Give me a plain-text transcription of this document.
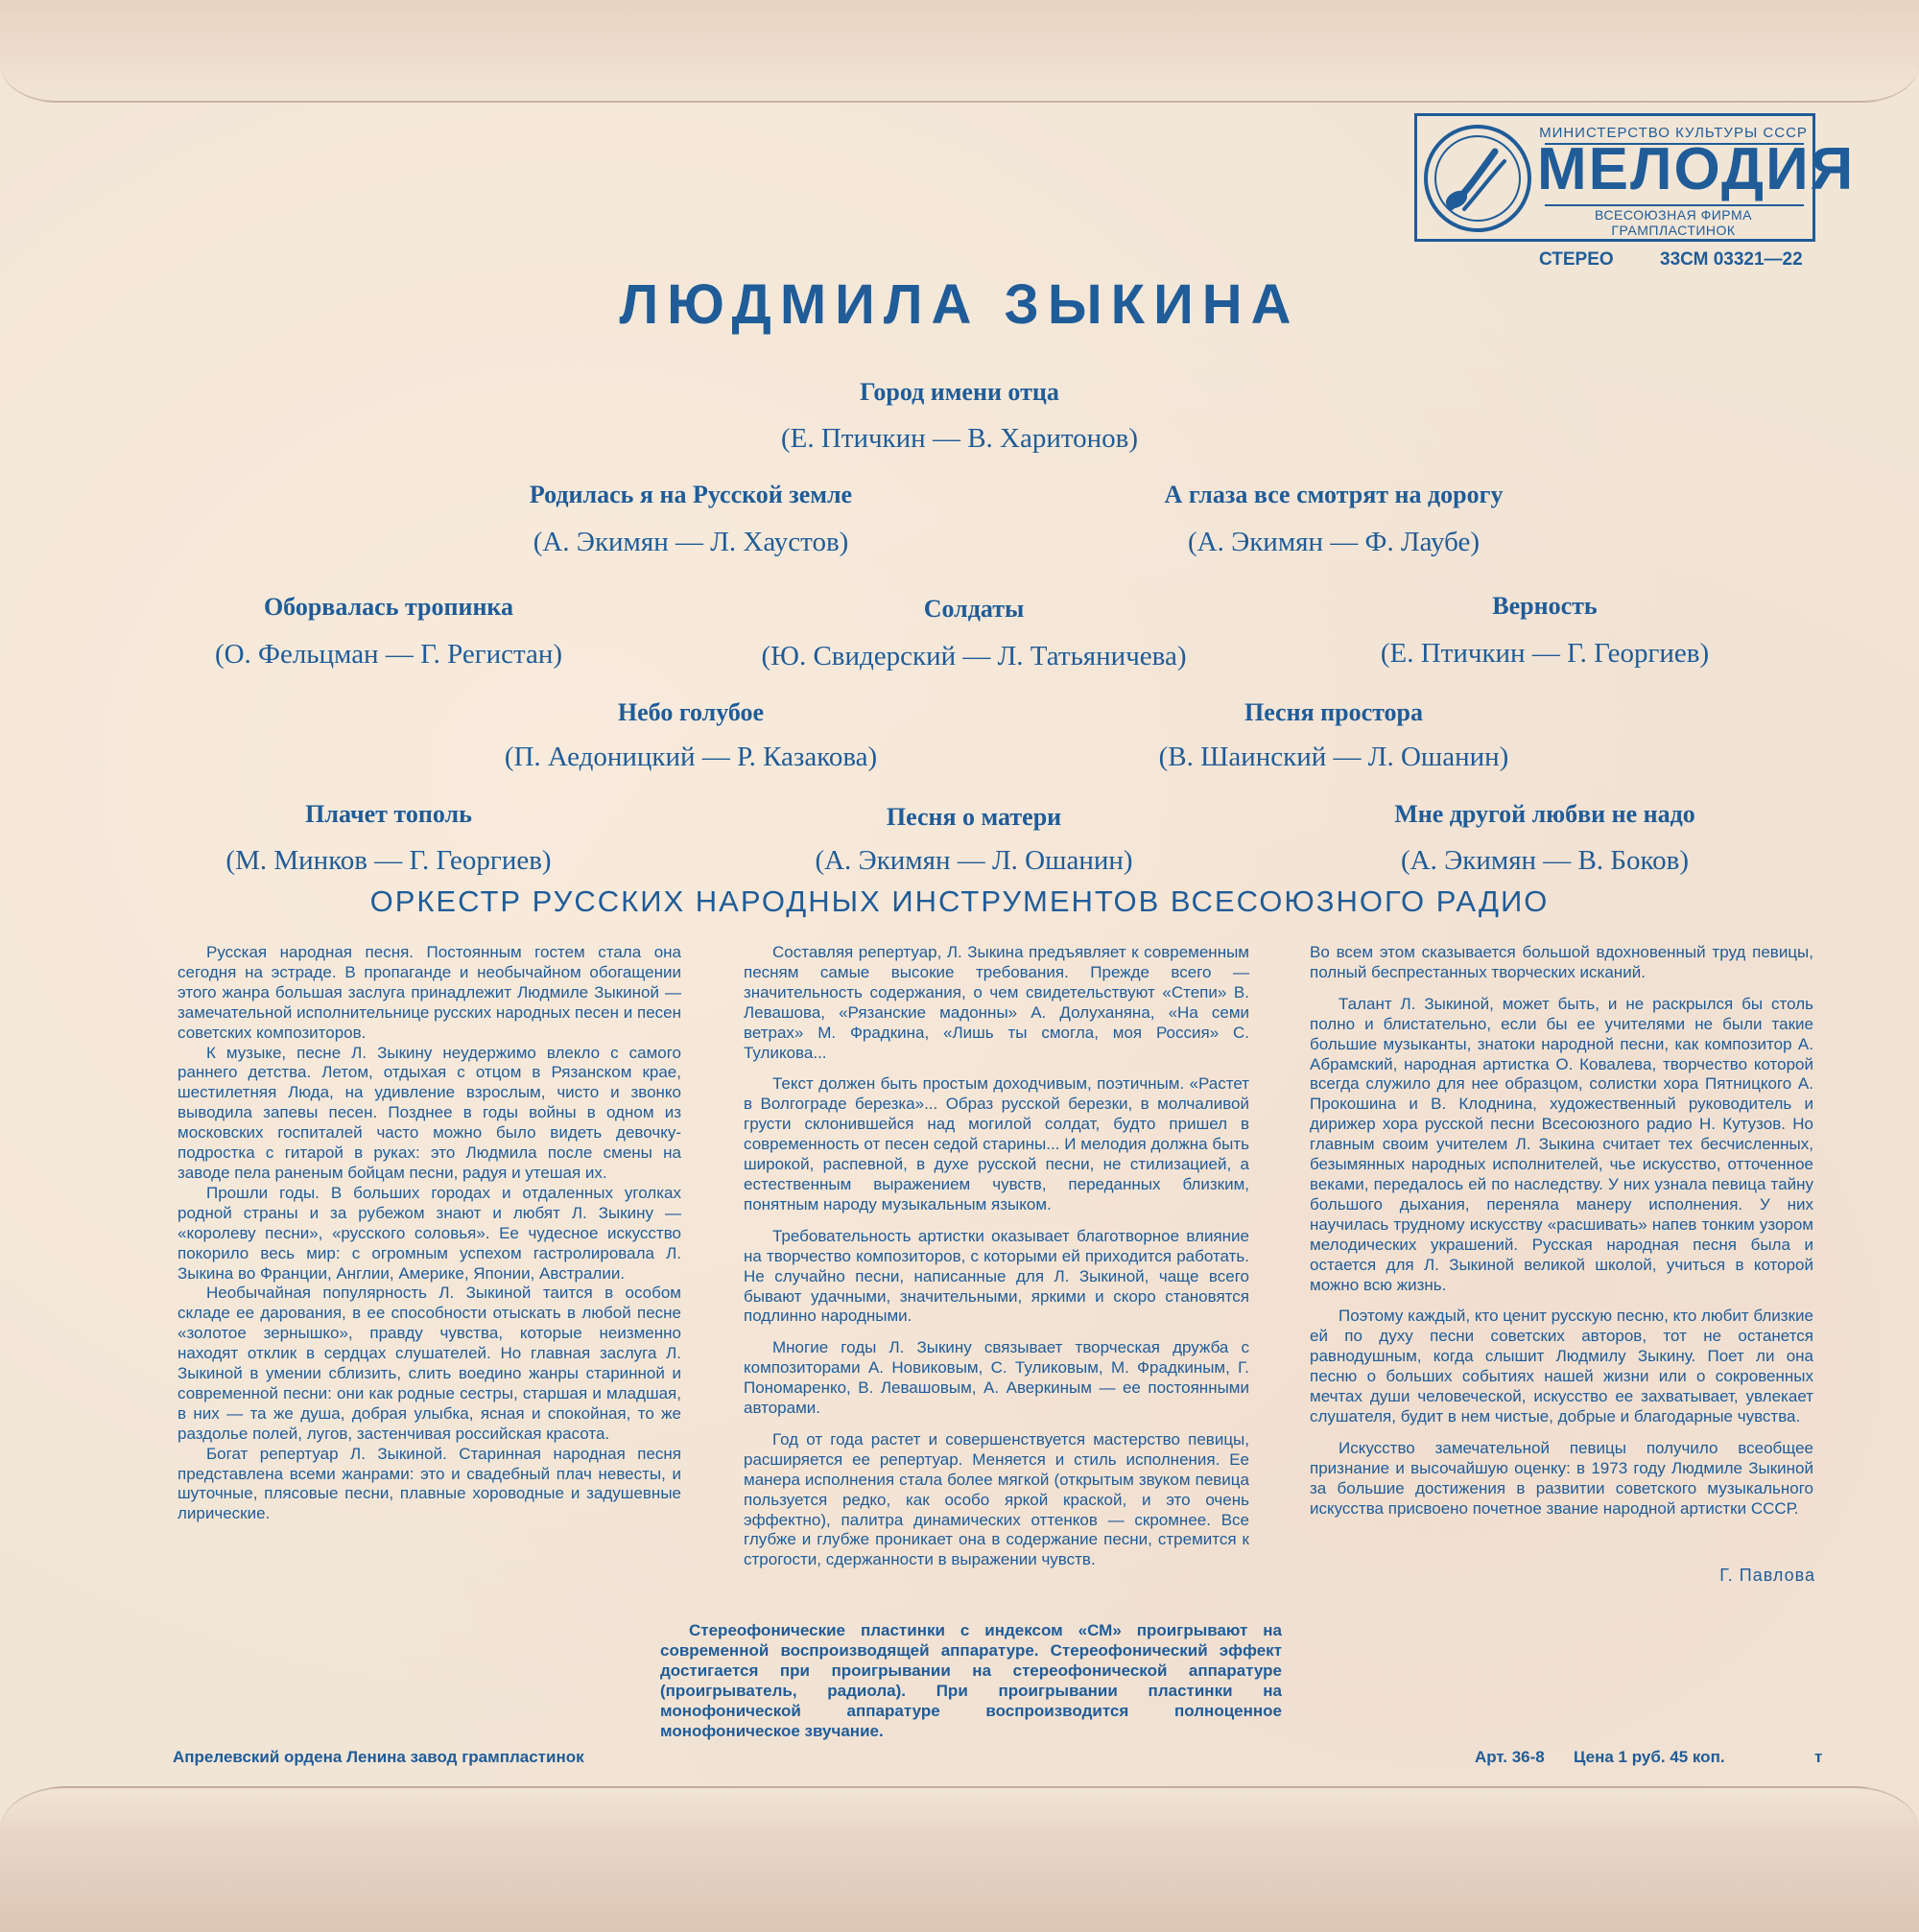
МИНИСТЕРСТВО КУЛЬТУРЫ СССР
МЕЛОДИЯ
ВСЕСОЮЗНАЯ ФИРМА ГРАМПЛАСТИНОК
СТЕРЕО	33СМ 03321—22
ЛЮДМИЛА ЗЫКИНА
Город имени отца
(Е. Птичкин — В. Харитонов)
Родилась я на Русской земле
(А. Экимян — Л. Хаустов)
А глаза все смотрят на дорогу
(А. Экимян — Ф. Лаубе)
Оборвалась тропинка
(О. Фельцман — Г. Регистан)
Солдаты
(Ю. Свидерский — Л. Татьяничева)
Верность
(Е. Птичкин — Г. Георгиев)
Небо голубое
(П. Аедоницкий — Р. Казакова)
Песня простора
(В. Шаинский — Л. Ошанин)
Плачет тополь
(М. Минков — Г. Георгиев)
Песня о матери
(А. Экимян — Л. Ошанин)
Мне другой любви не надо
(А. Экимян — В. Боков)
ОРКЕСТР РУССКИХ НАРОДНЫХ ИНСТРУМЕНТОВ ВСЕСОЮЗНОГО РАДИО

Русская народная песня. Постоянным гостем стала она сегодня на эстраде. В пропаганде и необычайном обогащении этого жанра большая заслуга принадлежит Людмиле Зыкиной — замечательной исполнительнице русских народных песен и песен советских композиторов.

К музыке, песне Л. Зыкину неудержимо влекло с самого раннего детства. Летом, отдыхая с отцом в Рязанском крае, шестилетняя Люда, на удивление взрослым, чисто и звонко выводила запевы песен. Позднее в годы войны в одном из московских госпиталей часто можно было видеть девочку-подростка с гитарой в руках: это Людмила после смены на заводе пела раненым бойцам песни, радуя и утешая их.

Прошли годы. В больших городах и отдаленных уголках родной страны и за рубежом знают и любят Л. Зыкину — «королеву песни», «русского соловья». Ее чудесное искусство покорило весь мир: с огромным успехом гастролировала Л. Зыкина во Франции, Англии, Америке, Японии, Австралии.

Необычайная популярность Л. Зыкиной таится в особом складе ее дарования, в ее способности отыскать в любой песне «золотое зернышко», правду чувства, которые неизменно находят отклик в сердцах слушателей. Но главная заслуга Л. Зыкиной в умении сблизить, слить воедино жанры старинной и современной песни: они как родные сестры, старшая и младшая, в них — та же душа, добрая улыбка, ясная и спокойная, то же раздолье полей, лугов, застенчивая российская красота.

Богат репертуар Л. Зыкиной. Старинная народная песня представлена всеми жанрами: это и свадебный плач невесты, и шуточные, плясовые песни, плавные хороводные и задушевные лирические.

Составляя репертуар, Л. Зыкина предъявляет к современным песням самые высокие требования. Прежде всего — значительность содержания, о чем свидетельствуют «Степи» В. Левашова, «Рязанские мадонны» А. Долуханяна, «На семи ветрах» М. Фрадкина, «Лишь ты смогла, моя Россия» С. Туликова...

Текст должен быть простым доходчивым, поэтичным. «Растет в Волгограде березка»... Образ русской березки, в молчаливой грусти склонившейся над могилой солдат, будто пришел в современность от песен седой старины... И мелодия должна быть широкой, распевной, в духе русской песни, не стилизацией, а естественным выражением чувств, переданных близким, понятным народу музыкальным языком.

Требовательность артистки оказывает благотворное влияние на творчество композиторов, с которыми ей приходится работать. Не случайно песни, написанные для Л. Зыкиной, чаще всего бывают удачными, значительными, яркими и скоро становятся подлинно народными.

Многие годы Л. Зыкину связывает творческая дружба с композиторами А. Новиковым, С. Туликовым, М. Фрадкиным, Г. Пономаренко, В. Левашовым, А. Аверкиным — ее постоянными авторами.

Год от года растет и совершенствуется мастерство певицы, расширяется ее репертуар. Меняется и стиль исполнения. Ее манера исполнения стала более мягкой (открытым звуком певица пользуется редко, как особо яркой краской, и это очень эффектно), палитра динамических оттенков — скромнее. Все глубже и глубже проникает она в содержание песни, стремится к строгости, сдержанности в выражении чувств.

Во всем этом сказывается большой вдохновенный труд певицы, полный беспрестанных творческих исканий.

Талант Л. Зыкиной, может быть, и не раскрылся бы столь полно и блистательно, если бы ее учителями не были такие большие музыканты, знатоки народной песни, как композитор А. Абрамский, народная артистка О. Ковалева, творчество которой всегда служило для нее образцом, солистки хора Пятницкого А. Прокошина и В. Клоднина, художественный руководитель и дирижер хора русской песни Всесоюзного радио Н. Кутузов. Но главным своим учителем Л. Зыкина считает тех бесчисленных, безымянных народных исполнителей, чье искусство, отточенное веками, передалось ей по наследству. У них узнала певица тайну большого дыхания, переняла манеру исполнения. У них научилась трудному искусству «расшивать» напев тонким узором мелодических украшений. Русская народная песня была и остается для Л. Зыкиной великой школой, учиться в которой можно всю жизнь.

Поэтому каждый, кто ценит русскую песню, кто любит близкие ей по духу песни советских авторов, тот не останется равнодушным, когда слышит Людмилу Зыкину. Поет ли она песню о больших событиях нашей жизни или о сокровенных мечтах души человеческой, искусство ее захватывает, увлекает слушателя, будит в нем чистые, добрые и благодарные чувства.

Искусство замечательной певицы получило всеобщее признание и высочайшую оценку: в 1973 году Людмиле Зыкиной за большие достижения в развитии советского музыкального искусства присвоено почетное звание народной артистки СССР.

Г. Павлова

Стереофонические пластинки с индексом «СМ» проигрывают на современной воспроизводящей аппаратуре. Стереофонический эффект достигается при проигрывании на стереофонической аппаратуре (проигрыватель, радиола). При проигрывании пластинки на монофонической аппаратуре воспроизводится полноценное монофоническое звучание.

Апрелевский ордена Ленина завод грампластинок	Арт. 36-8 Цена 1 руб. 45 коп.	т
